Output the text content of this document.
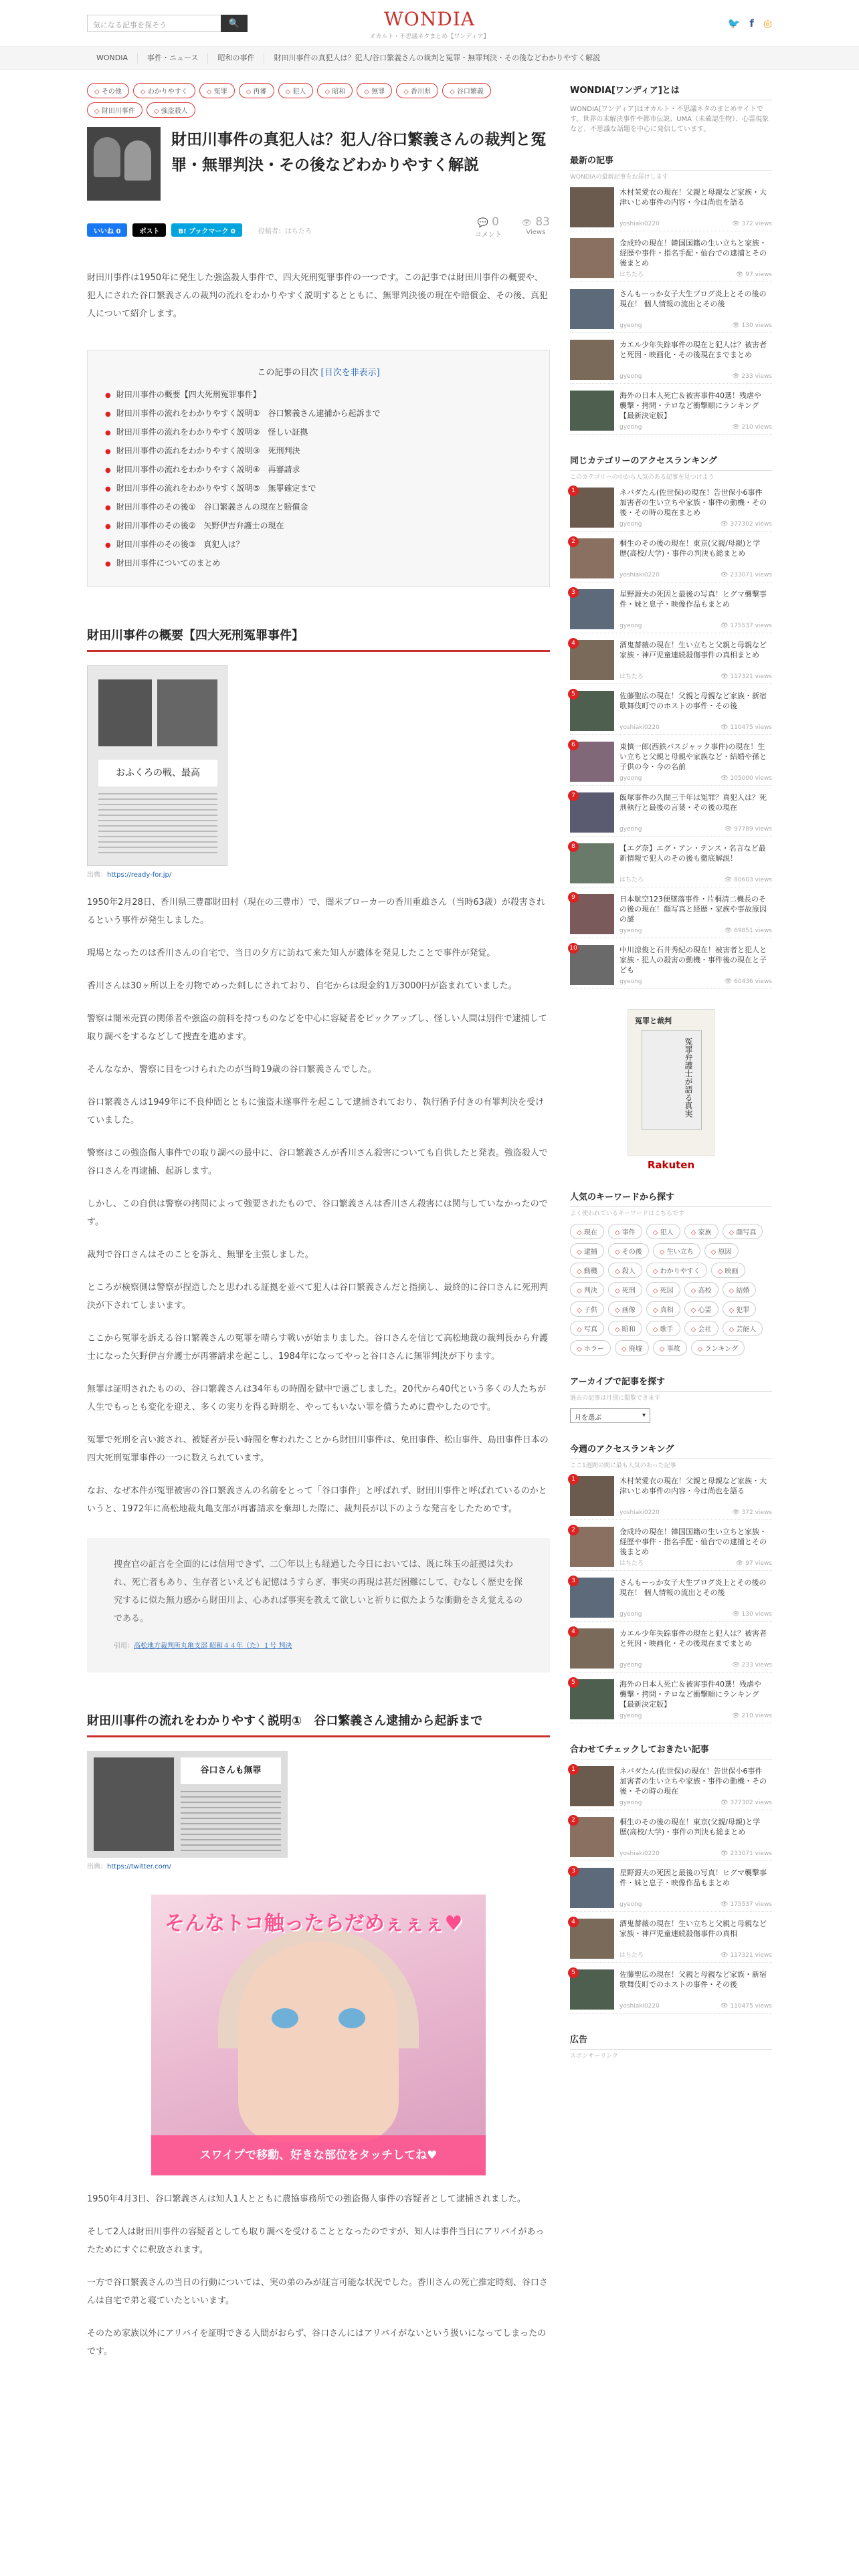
気になる記事を探そう	🔍	WONDIA
オカルト・不思議ネタまとめ【ワンディア】
🐦 f ◎
WONDIA	事件・ニュース	昭和の事件	財田川事件の真犯人は？犯人/谷口繁義さんの裁判と冤罪・無罪判決・その後などわかりやすく解説
◇ その他	◇ わかりやすく	◇ 冤罪	◇ 再審	◇ 犯人	◇ 昭和	◇ 無罪	◇ 香川県	◇ 谷口繁義
◇ 財田川事件	◇ 強盗殺人
財田川事件の真犯人は？犯人/谷口繁義さんの裁判と冤罪・無罪判決・その後などわかりやすく解説
いいね 0	ポスト	B! ブックマーク 0	投稿者：はちたろ
💬 0
コメント
👁 83
Views

財田川事件は1950年に発生した強盗殺人事件で、四大死刑冤罪事件の一つです。この記事では財田川事件の概要や、犯人にされた谷口繁義さんの裁判の流れをわかりやすく説明するとともに、無罪判決後の現在や賠償金、その後、真犯人について紹介します。

この記事の目次 [目次を非表示]
● 財田川事件の概要【四大死刑冤罪事件】
● 財田川事件の流れをわかりやすく説明①　谷口繁義さん逮捕から起訴まで
● 財田川事件の流れをわかりやすく説明②　怪しい証拠
● 財田川事件の流れをわかりやすく説明③　死刑判決
● 財田川事件の流れをわかりやすく説明④　再審請求
● 財田川事件の流れをわかりやすく説明⑤　無罪確定まで
● 財田川事件のその後①　谷口繁義さんの現在と賠償金
● 財田川事件のその後②　矢野伊吉弁護士の現在
● 財田川事件のその後③　真犯人は？
● 財田川事件についてのまとめ
財田川事件の概要【四大死刑冤罪事件】
おふくろの戦、最高
出典：https://ready-for.jp/

1950年2月28日、香川県三豊郡財田村（現在の三豊市）で、闇米ブローカーの香川重雄さん（当時63歳）が殺害されるという事件が発生しました。

現場となったのは香川さんの自宅で、当日の夕方に訪ねて来た知人が遺体を発見したことで事件が発覚。

香川さんは30ヶ所以上を刃物でめった刺しにされており、自宅からは現金約1万3000円が盗まれていました。

警察は闇米売買の関係者や強盗の前科を持つものなどを中心に容疑者をピックアップし、怪しい人間は別件で逮捕して取り調べをするなどして捜査を進めます。

そんななか、警察に目をつけられたのが当時19歳の谷口繁義さんでした。

谷口繁義さんは1949年に不良仲間とともに強盗未遂事件を起こして逮捕されており、執行猶予付きの有罪判決を受けていました。

警察はこの強盗傷人事件での取り調べの最中に、谷口繁義さんが香川さん殺害についても自供したと発表。強盗殺人で谷口さんを再逮捕、起訴します。

しかし、この自供は警察の拷問によって強要されたもので、谷口繁義さんは香川さん殺害には関与していなかったのです。

裁判で谷口さんはそのことを訴え、無罪を主張しました。

ところが検察側は警察が捏造したと思われる証拠を並べて犯人は谷口繁義さんだと指摘し、最終的に谷口さんに死刑判決が下されてしまいます。

ここから冤罪を訴える谷口繁義さんの冤罪を晴らす戦いが始まりました。谷口さんを信じて高松地裁の裁判長から弁護士になった矢野伊吉弁護士が再審請求を起こし、1984年になってやっと谷口さんに無罪判決が下ります。

無罪は証明されたものの、谷口繁義さんは34年もの時間を獄中で過ごしました。20代から40代という多くの人たちが人生でもっとも変化を迎え、多くの実りを得る時期を、やってもいない罪を償うために費やしたのです。

冤罪で死刑を言い渡され、被疑者が長い時間を奪われたことから財田川事件は、免田事件、松山事件、島田事件日本の四大死刑冤罪事件の一つに数えられています。

なお、なぜ本件が冤罪被害の谷口繁義さんの名前をとって「谷口事件」と呼ばれず、財田川事件と呼ばれているのかというと、1972年に高松地裁丸亀支部が再審請求を棄却した際に、裁判長が以下のような発言をしたためです。

捜査官の証言を全面的には信用できず、二〇年以上も経過した今日においては、既に珠玉の証拠は失われ、死亡者もあり、生存者といえども記憶はうすらぎ、事実の再現は甚だ困難にして、むなしく歴史を探究するに似た無力感から財田川よ、心あれば事実を教えて欲しいと祈りに似たような衝動をさえ覚えるのである。
引用：高松地方裁判所丸亀支部 昭和４４年（た）１号 判決
財田川事件の流れをわかりやすく説明①　谷口繁義さん逮捕から起訴まで
谷口さんも無罪
出典：https://twitter.com/
そんなトコ触ったらだめぇぇぇ♥
スワイプで移動、好きな部位をタッチしてね♥

1950年4月3日、谷口繁義さんは知人1人とともに農協事務所での強盗傷人事件の容疑者として逮捕されました。

そして2人は財田川事件の容疑者としても取り調べを受けることとなったのですが、知人は事件当日にアリバイがあったためにすぐに釈放されます。

一方で谷口繁義さんの当日の行動については、実の弟のみが証言可能な状況でした。香川さんの死亡推定時刻、谷口さんは自宅で弟と寝ていたといいます。

そのため家族以外にアリバイを証明できる人間がおらず、谷口さんにはアリバイがないという扱いになってしまったのです。

WONDIA[ワンディア]とは
WONDIA[ワンディア]はオカルト・不思議ネタのまとめサイトです。世界の未解決事件や都市伝説、UMA（未確認生物）、心霊現象など、不思議な話題を中心に発信しています。
最新の記事
WONDIAの最新記事をお届けします
木村茉愛衣の現在！父親と母親など家族・大津いじめ事件の内容・今は尚也を語る
yoshiaki0220	👁 372 views
金成玲の現在！韓国国籍の生い立ちと家族・経歴や事件・指名手配・仙台での逮捕とその後まとめ
はちたろ	👁 97 views
さんもーっか女子大生ブログ炎上とその後の現在！ 個人情報の流出とその後
gyeong	👁 130 views
カエル少年失踪事件の現在と犯人は？被害者と死因・映画化・その後現在までまとめ
gyeong	👁 233 views
海外の日本人死亡＆被害事件40選！残虐や襲撃・拷問・テロなど衝撃順にランキング【最新決定版】
gyeong	👁 210 views
同じカテゴリーのアクセスランキング
このカテゴリーの中から人気のある記事を見つけよう
1	ネバダたん(佐世保)の現在！告世保小6事件加害者の生い立ちや家族・事件の動機・その後・その時の現在まとめ
gyeong	👁 377302 views
2	桐生のその後の現在！東京(父親/母親)と学歴(高校/大学)・事件の判決も総まとめ
yoshiaki0220	👁 233071 views
3	星野源夫の死因と最後の写真！ヒグマ襲撃事件・妹と息子・映像作品もまとめ
gyeong	👁 175537 views
4	酒鬼薔薇の現在！生い立ちと父親と母親など家族・神戸児童連続殺傷事件の真相まとめ
はちたろ	👁 117321 views
5	佐藤聖広の現在！父親と母親など家族・新宿歌舞伎町でのホストの事件・その後
yoshiaki0220	👁 110475 views
6	東慎一郎(西鉄バスジャック事件)の現在！生い立ちと父親と母親や家族など・結婚や孫と子供の今・今の名前
gyeong	👁 105000 views
7	飯塚事件の久間三千年は冤罪？真犯人は？死刑執行と最後の言葉・その後の現在
gyeong	👁 97789 views
8	【エグ奈】エグ・アン・テンス・名言など最新情報で犯人のその後も徹底解説！
はちたろ	👁 80603 views
9	日本航空123便墜落事件・片桐清二機長のその後の現在！顔写真と経歴・家族や事故原因の謎
gyeong	👁 69851 views
10	中川涼俊と石井秀紀の現在！被害者と犯人と家族・犯人の殺害の動機・事件後の現在と子ども
gyeong	👁 60436 views
冤罪と裁判
冤罪弁護士が語る真実
Rakuten
人気のキーワードから探す
よく使われているキーワードはこちらです
◇ 現在	◇ 事件	◇ 犯人	◇ 家族	◇ 顔写真
◇ 逮捕	◇ その後	◇ 生い立ち	◇ 原因
◇ 動機	◇ 殺人	◇ わかりやすく	◇ 映画
◇ 判決	◇ 死刑	◇ 死因	◇ 高校	◇ 結婚
◇ 子供	◇ 画像	◇ 真相	◇ 心霊	◇ 犯罪
◇ 写真	◇ 昭和	◇ 歌手	◇ 会社	◇ 芸能人
◇ ホラー	◇ 廃墟	◇ 事故	◇ ランキング
アーカイブで記事を探す
過去の記事は月別に閲覧できます
月を選ぶ	▾
今週のアクセスランキング
ここ1週間の間に最も人気のあった記事
1	木村茉愛衣の現在！父親と母親など家族・大津いじめ事件の内容・今は尚也を語る
yoshiaki0220	👁 372 views
2	金成玲の現在！韓国国籍の生い立ちと家族・経歴や事件・指名手配・仙台での逮捕とその後まとめ
はちたろ	👁 97 views
3	さんもーっか女子大生ブログ炎上とその後の現在！ 個人情報の流出とその後
gyeong	👁 130 views
4	カエル少年失踪事件の現在と犯人は？被害者と死因・映画化・その後現在までまとめ
gyeong	👁 233 views
5	海外の日本人死亡＆被害事件40選！残虐や襲撃・拷問・テロなど衝撃順にランキング【最新決定版】
gyeong	👁 210 views
合わせてチェックしておきたい記事
1	ネバダたん(佐世保)の現在！告世保小6事件加害者の生い立ちや家族・事件の動機・その後・その時の現在
gyeong	👁 377302 views
2	桐生のその後の現在！東京(父親/母親)と学歴(高校/大学)・事件の判決も総まとめ
yoshiaki0220	👁 233071 views
3	星野源夫の死因と最後の写真！ヒグマ襲撃事件・妹と息子・映像作品もまとめ
gyeong	👁 175537 views
4	酒鬼薔薇の現在！生い立ちと父親と母親など家族・神戸児童連続殺傷事件の真相
はちたろ	👁 117321 views
5	佐藤聖広の現在！父親と母親など家族・新宿歌舞伎町でのホストの事件・その後
yoshiaki0220	👁 110475 views
広告
スポンサーリンク
